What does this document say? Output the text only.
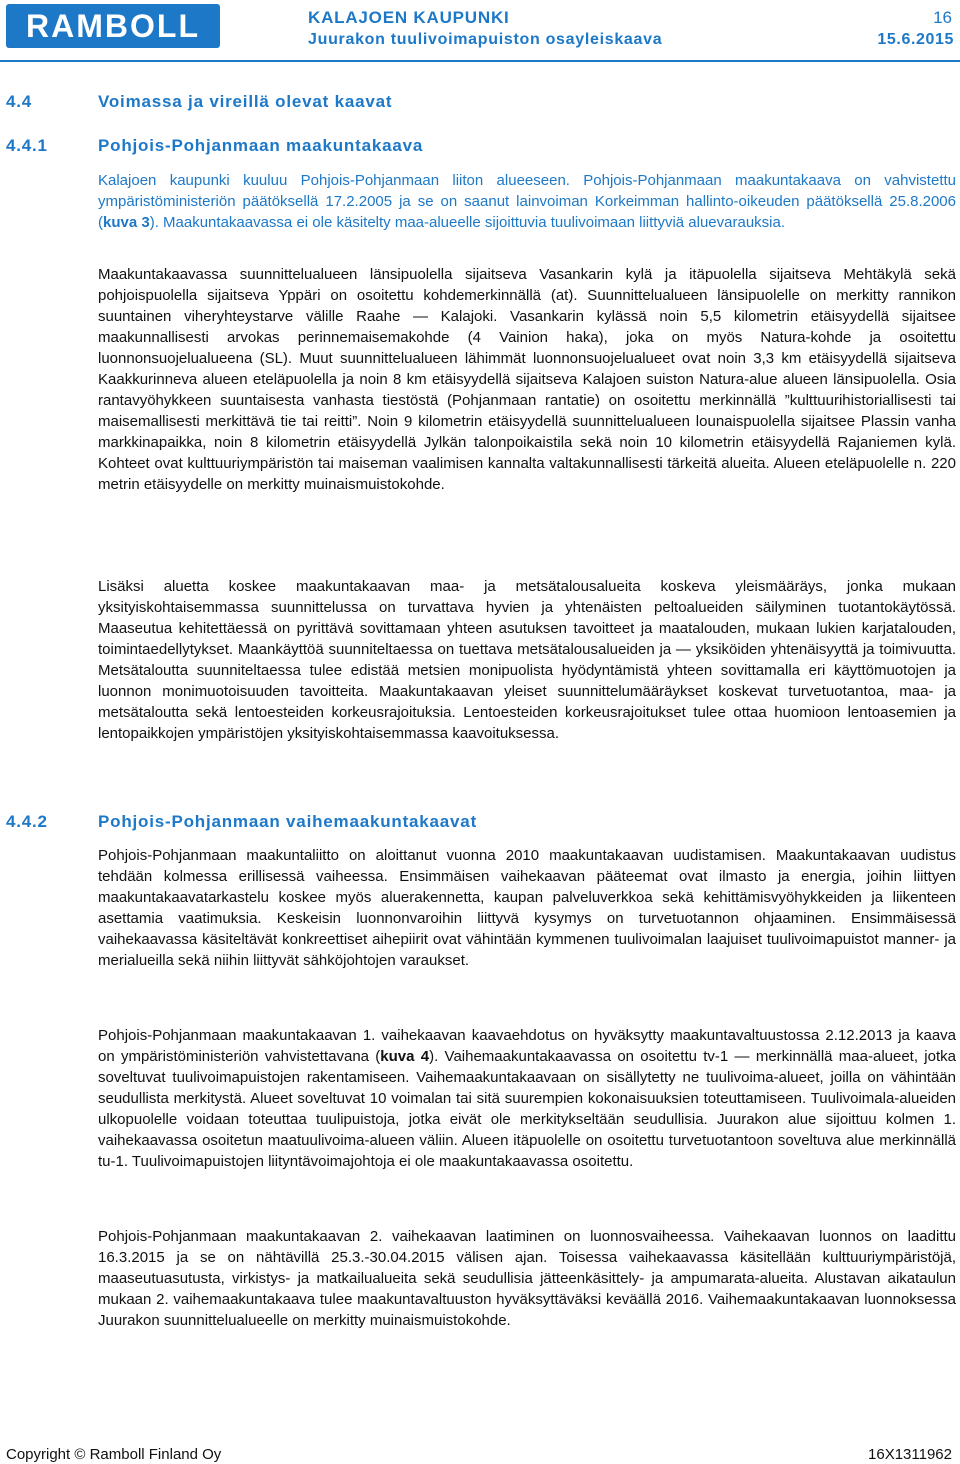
RAMBOLL	KALAJOEN KAUPUNKI
Juurakon tuulivoimapuiston osayleiskaava
16
15.6.2015
4.4	Voimassa ja vireillä olevat kaavat
4.4.1	Pohjois-Pohjanmaan maakuntakaava
Kalajoen kaupunki kuuluu Pohjois-Pohjanmaan liiton alueeseen. Pohjois-Pohjanmaan maakuntakaava on vahvistettu ympäristöministeriön päätöksellä 17.2.2005 ja se on saanut lainvoiman Korkeimman hallinto-oikeuden päätöksellä 25.8.2006 (kuva 3). Maakuntakaavassa ei ole käsitelty maa-alueelle sijoittuvia tuulivoimaan liittyviä aluevarauksia.
Maakuntakaavassa suunnittelualueen länsipuolella sijaitseva Vasankarin kylä ja itäpuolella sijaitseva Mehtäkylä sekä pohjoispuolella sijaitseva Yppäri on osoitettu kohdemerkinnällä (at). Suunnittelualueen länsipuolelle on merkitty rannikon suuntainen viheryhteystarve välille Raahe — Kalajoki. Vasankarin kylässä noin 5,5 kilometrin etäisyydellä sijaitsee maakunnallisesti arvokas perinnemaisemakohde (4 Vainion haka), joka on myös Natura-kohde ja osoitettu luonnonsuojelualueena (SL). Muut suunnittelualueen lähimmät luonnonsuojelualueet ovat noin 3,3 km etäisyydellä sijaitseva Kaakkurinneva alueen eteläpuolella ja noin 8 km etäisyydellä sijaitseva Kalajoen suiston Natura-alue alueen länsipuolella. Osia rantavyöhykkeen suuntaisesta vanhasta tiestöstä (Pohjanmaan rantatie) on osoitettu merkinnällä ”kulttuurihistoriallisesti tai maisemallisesti merkittävä tie tai reitti”. Noin 9 kilometrin etäisyydellä suunnittelualueen lounaispuolella sijaitsee Plassin vanha markkinapaikka, noin 8 kilometrin etäisyydellä Jylkän talonpoikaistila sekä noin 10 kilometrin etäisyydellä Rajaniemen kylä. Kohteet ovat kulttuuriympäristön tai maiseman vaalimisen kannalta valtakunnallisesti tärkeitä alueita. Alueen eteläpuolelle n. 220 metrin etäisyydelle on merkitty muinaismuistokohde.
Lisäksi aluetta koskee maakuntakaavan maa- ja metsätalousalueita koskeva yleismääräys, jonka mukaan yksityiskohtaisemmassa suunnittelussa on turvattava hyvien ja yhtenäisten peltoalueiden säilyminen tuotantokäytössä. Maaseutua kehitettäessä on pyrittävä sovittamaan yhteen asutuksen tavoitteet ja maatalouden, mukaan lukien karjatalouden, toimintaedellytykset. Maankäyttöä suunniteltaessa on tuettava metsätalousalueiden ja — yksiköiden yhtenäisyyttä ja toimivuutta. Metsätaloutta suunniteltaessa tulee edistää metsien monipuolista hyödyntämistä yhteen sovittamalla eri käyttömuotojen ja luonnon monimuotoisuuden tavoitteita. Maakuntakaavan yleiset suunnittelumääräykset koskevat turvetuotantoa, maa- ja metsätaloutta sekä lentoesteiden korkeusrajoituksia. Lentoesteiden korkeusrajoitukset tulee ottaa huomioon lentoasemien ja lentopaikkojen ympäristöjen yksityiskohtaisemmassa kaavoituksessa.
4.4.2	Pohjois-Pohjanmaan vaihemaakuntakaavat
Pohjois-Pohjanmaan maakuntaliitto on aloittanut vuonna 2010 maakuntakaavan uudistamisen. Maakuntakaavan uudistus tehdään kolmessa erillisessä vaiheessa. Ensimmäisen vaihekaavan pääteemat ovat ilmasto ja energia, joihin liittyen maakuntakaavatarkastelu koskee myös aluerakennetta, kaupan palveluverkkoa sekä kehittämisvyöhykkeiden ja liikenteen asettamia vaatimuksia. Keskeisin luonnonvaroihin liittyvä kysymys on turvetuotannon ohjaaminen. Ensimmäisessä vaihekaavassa käsiteltävät konkreettiset aihepiirit ovat vähintään kymmenen tuulivoimalan laajuiset tuulivoimapuistot manner- ja merialueilla sekä niihin liittyvät sähköjohtojen varaukset.
Pohjois-Pohjanmaan maakuntakaavan 1. vaihekaavan kaavaehdotus on hyväksytty maakuntavaltuustossa 2.12.2013 ja kaava on ympäristöministeriön vahvistettavana (kuva 4). Vaihemaakuntakaavassa on osoitettu tv-1 — merkinnällä maa-alueet, jotka soveltuvat tuulivoimapuistojen rakentamiseen. Vaihemaakuntakaavaan on sisällytetty ne tuulivoima-alueet, joilla on vähintään seudullista merkitystä. Alueet soveltuvat 10 voimalan tai sitä suurempien kokonaisuuksien toteuttamiseen. Tuulivoimala-alueiden ulkopuolelle voidaan toteuttaa tuulipuistoja, jotka eivät ole merkitykseltään seudullisia. Juurakon alue sijoittuu kolmen 1. vaihekaavassa osoitetun maatuulivoima-alueen väliin. Alueen itäpuolelle on osoitettu turvetuotantoon soveltuva alue merkinnällä tu-1. Tuulivoimapuistojen liityntävoimajohtoja ei ole maakuntakaavassa osoitettu.
Pohjois-Pohjanmaan maakuntakaavan 2. vaihekaavan laatiminen on luonnosvaiheessa. Vaihekaavan luonnos on laadittu 16.3.2015 ja se on nähtävillä 25.3.-30.04.2015 välisen ajan. Toisessa vaihekaavassa käsitellään kulttuuriympäristöjä, maaseutuasutusta, virkistys- ja matkailualueita sekä seudullisia jätteenkäsittely- ja ampumarata-alueita. Alustavan aikataulun mukaan 2. vaihemaakuntakaava tulee maakuntavaltuuston hyväksyttäväksi keväällä 2016. Vaihemaakuntakaavan luonnoksessa Juurakon suunnittelualueelle on merkitty muinaismuistokohde.
Copyright © Ramboll Finland Oy	16X1311962
